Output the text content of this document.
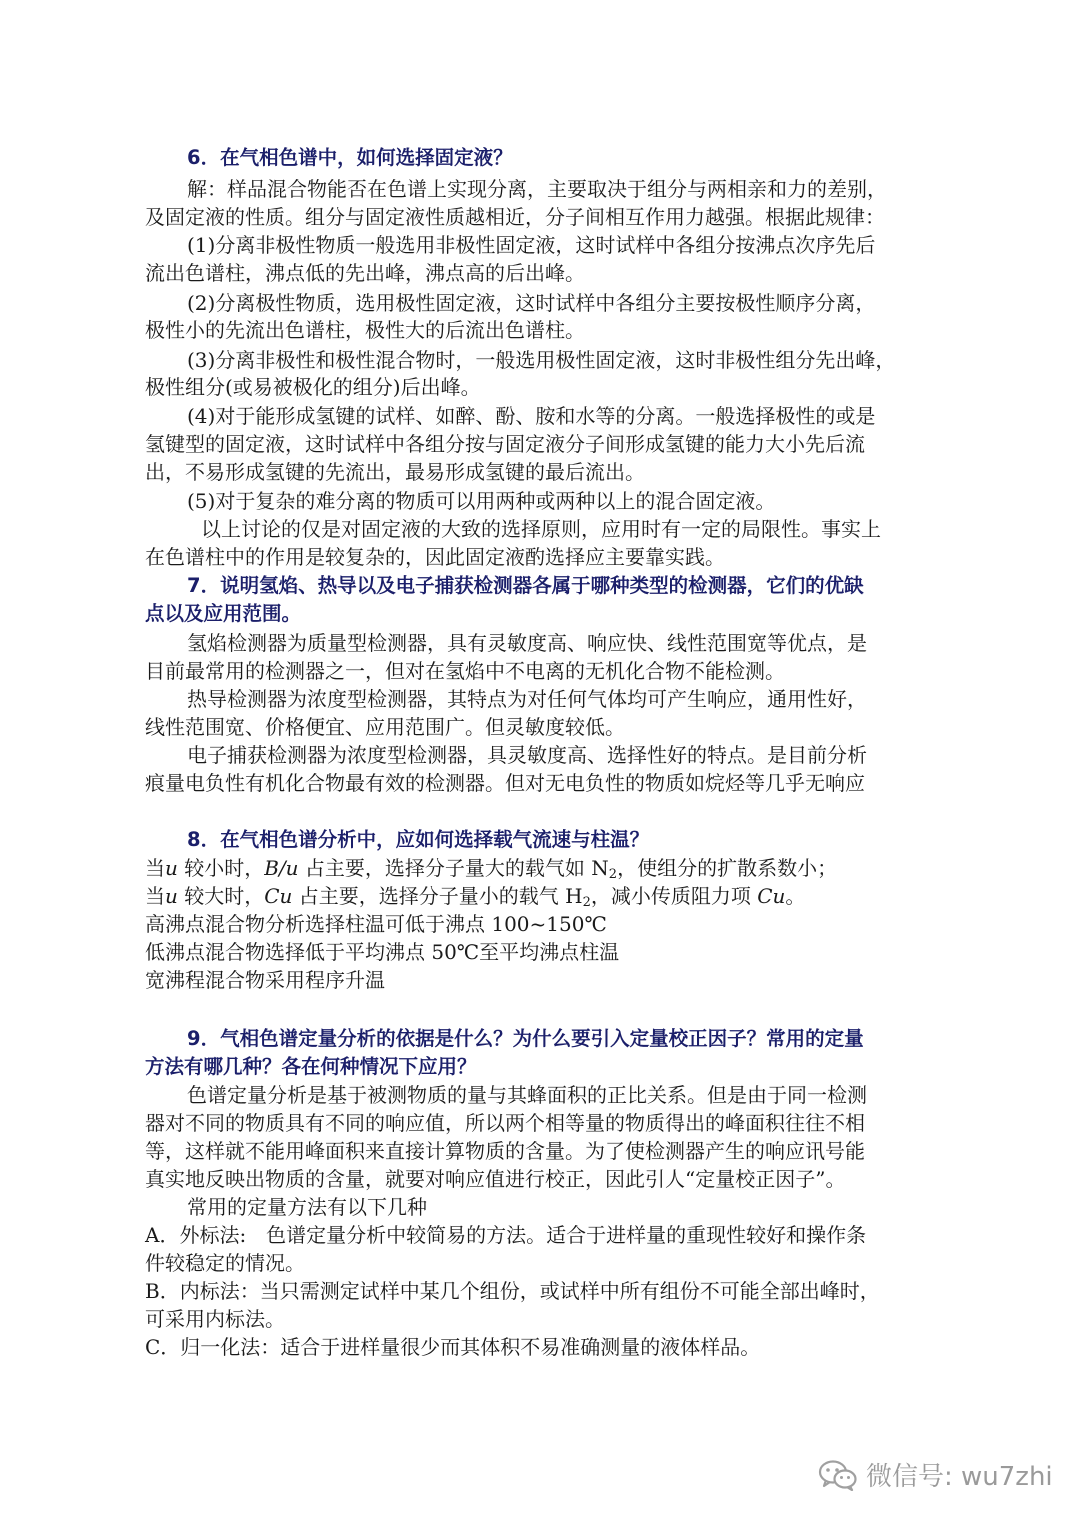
6．在气相色谱中，如何选择固定液？
解：样品混合物能否在色谱上实现分离，主要取决于组分与两相亲和力的差别，
及固定液的性质。组分与固定液性质越相近，分子间相互作用力越强。根据此规律：
(1)分离非极性物质一般选用非极性固定液，这时试样中各组分按沸点次序先后
流出色谱柱，沸点低的先出峰，沸点高的后出峰。
(2)分离极性物质，选用极性固定液，这时试样中各组分主要按极性顺序分离，
极性小的先流出色谱柱，极性大的后流出色谱柱。
(3)分离非极性和极性混合物时，一般选用极性固定液，这时非极性组分先出峰，
极性组分(或易被极化的组分)后出峰。
(4)对于能形成氢键的试样、如醉、酚、胺和水等的分离。一般选择极性的或是
氢键型的固定液，这时试样中各组分按与固定液分子间形成氢键的能力大小先后流
出，不易形成氢键的先流出，最易形成氢键的最后流出。
(5)对于复杂的难分离的物质可以用两种或两种以上的混合固定液。
以上讨论的仅是对固定液的大致的选择原则，应用时有一定的局限性。事实上
在色谱柱中的作用是较复杂的，因此固定液酌选择应主要靠实践。
7．说明氢焰、热导以及电子捕获检测器各属于哪种类型的检测器，它们的优缺
点以及应用范围。
氢焰检测器为质量型检测器，具有灵敏度高、响应快、线性范围宽等优点，是
目前最常用的检测器之一，但对在氢焰中不电离的无机化合物不能检测。
热导检测器为浓度型检测器，其特点为对任何气体均可产生响应，通用性好，
线性范围宽、价格便宜、应用范围广。但灵敏度较低。
电子捕获检测器为浓度型检测器，具灵敏度高、选择性好的特点。是目前分析
痕量电负性有机化合物最有效的检测器。但对无电负性的物质如烷烃等几乎无响应
8．在气相色谱分析中，应如何选择载气流速与柱温？
当u 较小时，B/u 占主要，选择分子量大的载气如 $N_2$，使组分的扩散系数小；
当u 较大时，Cu 占主要，选择分子量小的载气 $H_2$，减小传质阻力项 Cu。
高沸点混合物分析选择柱温可低于沸点 100~150℃
低沸点混合物选择低于平均沸点 50℃至平均沸点柱温
宽沸程混合物采用程序升温
9．气相色谱定量分析的依据是什么？为什么要引入定量校正因子？常用的定量
方法有哪几种？各在何种情况下应用？
色谱定量分析是基于被测物质的量与其蜂面积的正比关系。但是由于同一检测
器对不同的物质具有不同的响应值，所以两个相等量的物质得出的峰面积往往不相
等，这样就不能用峰面积来直接计算物质的含量。为了使检测器产生的响应讯号能
真实地反映出物质的含量，就要对响应值进行校正，因此引人“定量校正因子”。
常用的定量方法有以下几种
A．外标法:　色谱定量分析中较简易的方法。适合于进样量的重现性较好和操作条
件较稳定的情况。
B．内标法：当只需测定试样中某几个组份，或试样中所有组份不可能全部出峰时，
可采用内标法。
C．归一化法：适合于进样量很少而其体积不易准确测量的液体样品。
微信号: wu7zhi
